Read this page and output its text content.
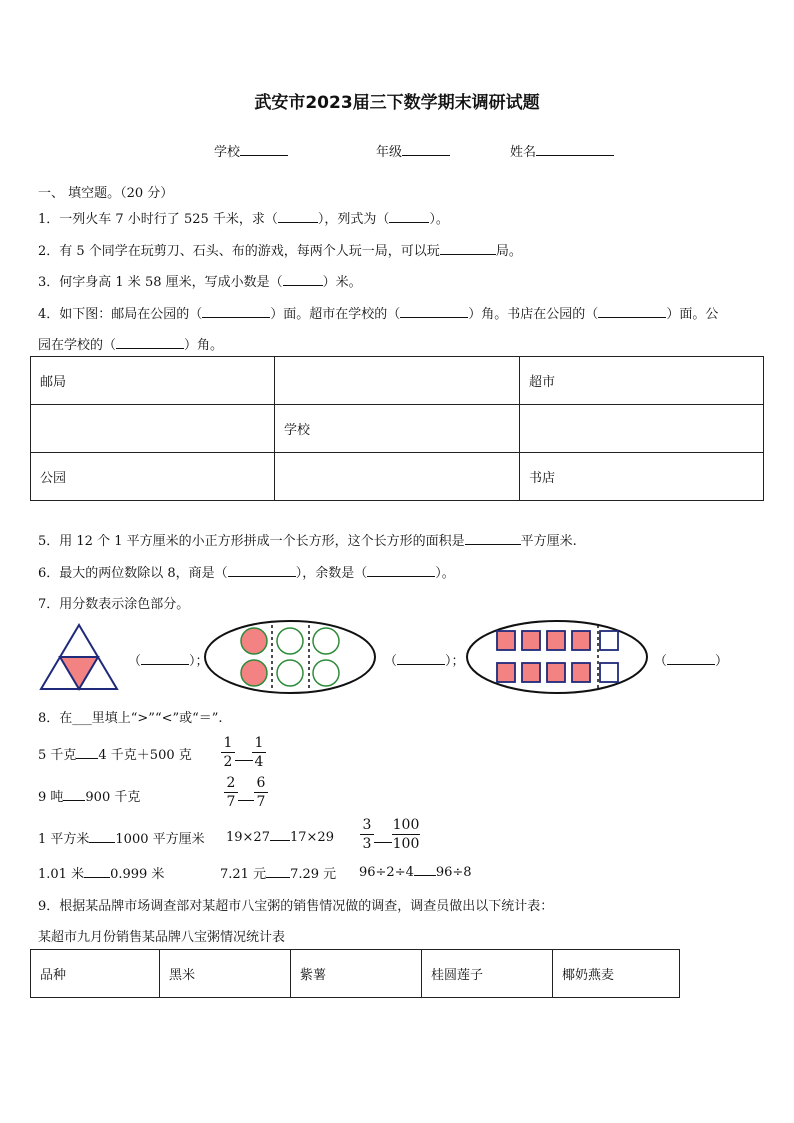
武安市2023届三下数学期末调研试题
学校	年级	姓名
一、 填空题。（20 分）
1．一列火车 7 小时行了 525 千米，求（	），列式为（	）。
2．有 5 个同学在玩剪刀、石头、布的游戏，每两个人玩一局，可以玩	局。
3．何字身高 1 米 58 厘米，写成小数是（	）米。
4．如下图：邮局在公园的（	）面。超市在学校的（	）角。书店在公园的（	）面。公
园在学校的（	）角。
邮局		超市
	学校	
公园		书店
5．用 12 个 1 平方厘米的小正方形拼成一个长方形，这个长方形的面积是	平方厘米.
6．最大的两位数除以 8，商是（	），余数是（	）。
7．用分数表示涂色部分。
（	）；	（	）；	（	）
8．在___里填上“>”“<”或“＝”.
5 千克 4 千克＋500 克
1
2
1
4
9 吨 900 千克
2
7
6
7
1 平方米 1000 平方厘米 19×27 17×29
3
3
100
100
1.01 米 0.999 米	7.21 元 7.29 元 96÷2÷4 96÷8
9．根据某品牌市场调查部对某超市八宝粥的销售情况做的调查，调查员做出以下统计表：
某超市九月份销售某品牌八宝粥情况统计表
品种	黑米	紫薯	桂圆莲子	椰奶燕麦
